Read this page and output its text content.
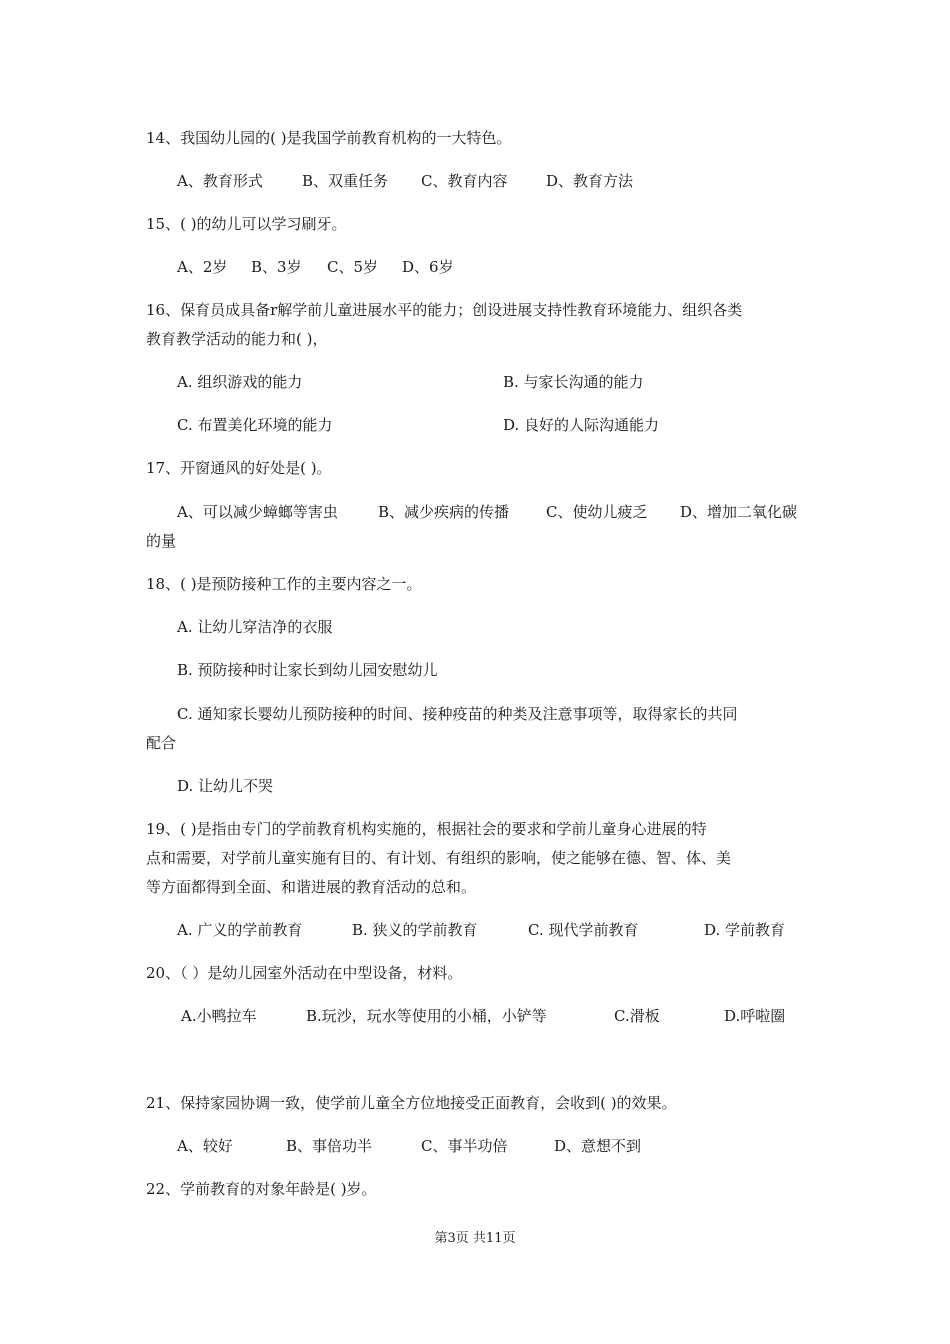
14、我国幼儿园的( )是我国学前教育机构的一大特色。
A、教育形式	B、双重任务 C、教育内容	D、教育方法
15、( )的幼儿可以学习刷牙。
A、2岁 B、3岁 C、5岁 D、6岁
16、保育员成具备r解学前儿童进展水平的能力；创设进展支持性教育环境能力、组织各类
教育教学活动的能力和( )，
A. 组织游戏的能力	B. 与家长沟通的能力
C. 布置美化环境的能力	D. 良好的人际沟通能力
17、开窗通风的好处是( )。
A、可以减少蟑螂等害虫	B、减少疾病的传播 C、使幼儿疲乏 D、增加二氧化碳
的量
18、( )是预防接种工作的主要内容之一。
A. 让幼儿穿洁净的衣服
B. 预防接种时让家长到幼儿园安慰幼儿
C. 通知家长婴幼儿预防接种的时间、接种疫苗的种类及注意事项等，取得家长的共同
配合
D. 让幼儿不哭
19、( )是指由专门的学前教育机构实施的，根据社会的要求和学前儿童身心进展的特
点和需要，对学前儿童实施有目的、有计划、有组织的影响，使之能够在德、智、体、美
等方面都得到全面、和谐进展的教育活动的总和。
A. 广义的学前教育	B. 狭义的学前教育	C. 现代学前教育	D. 学前教育
20、（ ）是幼儿园室外活动在中型设备，材料。
A.小鸭拉车	B.玩沙，玩水等使用的小桶，小铲等	C.滑板	D.呼啦圈
21、保持家园协调一致，使学前儿童全方位地接受正面教育，会收到( )的效果。
A、较好	B、事倍功半	C、事半功倍	D、意想不到
22、学前教育的对象年龄是( )岁。
第3页 共11页
